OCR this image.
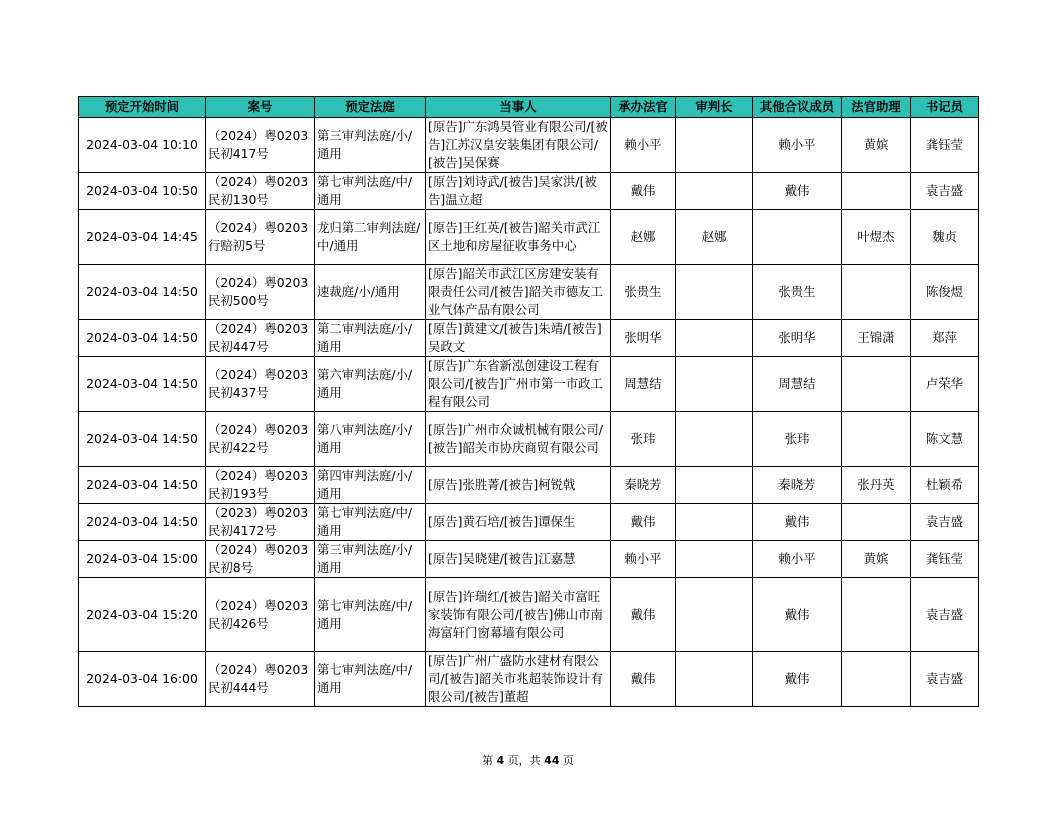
预定开始时间	案号	预定法庭	当事人	承办法官	审判长	其他合议成员	法官助理	书记员
2024-03-04 10:10	（2024）粤0203民初417号	第三审判法庭/小/通用	[原告]广东鸿昊管业有限公司/[被告]江苏汉皇安装集团有限公司/[被告]吴保赛	赖小平		赖小平	黄嫔	龚钰莹
2024-03-04 10:50	（2024）粤0203民初130号	第七审判法庭/中/通用	[原告]刘诗武/[被告]吴家洪/[被告]温立超	戴伟		戴伟		袁吉盛
2024-03-04 14:45	（2024）粤0203行赔初5号	龙归第二审判法庭/中/通用	[原告]王红英/[被告]韶关市武江区土地和房屋征收事务中心	赵娜	赵娜		叶煜杰	魏贞
2024-03-04 14:50	（2024）粤0203民初500号	速裁庭/小/通用	[原告]韶关市武江区房建安装有限责任公司/[被告]韶关市德友工业气体产品有限公司	张贵生		张贵生		陈俊煜
2024-03-04 14:50	（2024）粤0203民初447号	第二审判法庭/小/通用	[原告]黄建文/[被告]朱靖/[被告]吴政文	张明华		张明华	王锦潇	郑萍
2024-03-04 14:50	（2024）粤0203民初437号	第六审判法庭/小/通用	[原告]广东省新泓创建设工程有限公司/[被告]广州市第一市政工程有限公司	周慧结		周慧结		卢荣华
2024-03-04 14:50	（2024）粤0203民初422号	第八审判法庭/小/通用	[原告]广州市众诚机械有限公司/[被告]韶关市协庆商贸有限公司	张玮		张玮		陈文慧
2024-03-04 14:50	（2024）粤0203民初193号	第四审判法庭/小/通用	[原告]张胜菁/[被告]柯锐戟	秦晓芳		秦晓芳	张丹英	杜颖希
2024-03-04 14:50	（2023）粤0203民初4172号	第七审判法庭/中/通用	[原告]黄石培/[被告]谭保生	戴伟		戴伟		袁吉盛
2024-03-04 15:00	（2024）粤0203民初8号	第三审判法庭/小/通用	[原告]吴晓建/[被告]江嘉慧	赖小平		赖小平	黄嫔	龚钰莹
2024-03-04 15:20	（2024）粤0203民初426号	第七审判法庭/中/通用	[原告]许瑞红/[被告]韶关市富旺家装饰有限公司/[被告]佛山市南海富轩门窗幕墙有限公司	戴伟		戴伟		袁吉盛
2024-03-04 16:00	（2024）粤0203民初444号	第七审判法庭/中/通用	[原告]广州广盛防水建材有限公司/[被告]韶关市兆超装饰设计有限公司/[被告]董超	戴伟		戴伟		袁吉盛
第 4 页，共 44 页
